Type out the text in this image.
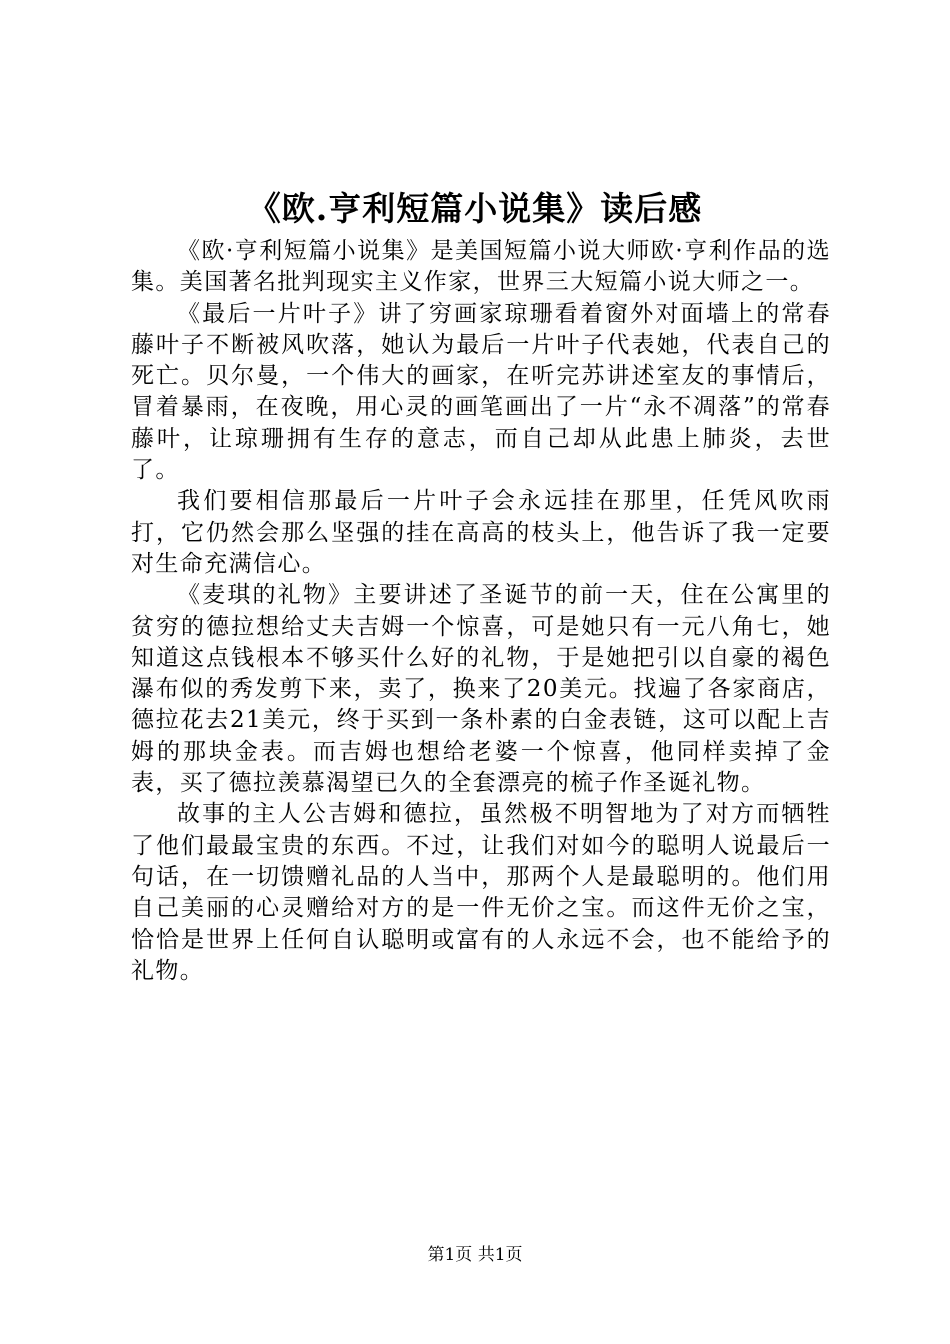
《欧.亨利短篇小说集》读后感

《欧·亨利短篇小说集》是美国短篇小说大师欧·亨利作品的选集。美国著名批判现实主义作家，世界三大短篇小说大师之一。

《最后一片叶子》讲了穷画家琼珊看着窗外对面墙上的常春藤叶子不断被风吹落，她认为最后一片叶子代表她，代表自己的死亡。贝尔曼，一个伟大的画家，在听完苏讲述室友的事情后，冒着暴雨，在夜晚，用心灵的画笔画出了一片“永不凋落”的常春藤叶，让琼珊拥有生存的意志，而自己却从此患上肺炎，去世了。

我们要相信那最后一片叶子会永远挂在那里，任凭风吹雨打，它仍然会那么坚强的挂在高高的枝头上，他告诉了我一定要对生命充满信心。

《麦琪的礼物》主要讲述了圣诞节的前一天，住在公寓里的贫穷的德拉想给丈夫吉姆一个惊喜，可是她只有一元八角七，她知道这点钱根本不够买什么好的礼物，于是她把引以自豪的褐色瀑布似的秀发剪下来，卖了，换来了20美元。找遍了各家商店，德拉花去21美元，终于买到一条朴素的白金表链，这可以配上吉姆的那块金表。而吉姆也想给老婆一个惊喜，他同样卖掉了金表，买了德拉羡慕渴望已久的全套漂亮的梳子作圣诞礼物。

故事的主人公吉姆和德拉，虽然极不明智地为了对方而牺牲了他们最最宝贵的东西。不过，让我们对如今的聪明人说最后一句话，在一切馈赠礼品的人当中，那两个人是最聪明的。他们用自己美丽的心灵赠给对方的是一件无价之宝。而这件无价之宝，恰恰是世界上任何自认聪明或富有的人永远不会，也不能给予的礼物。

第1页 共1页
